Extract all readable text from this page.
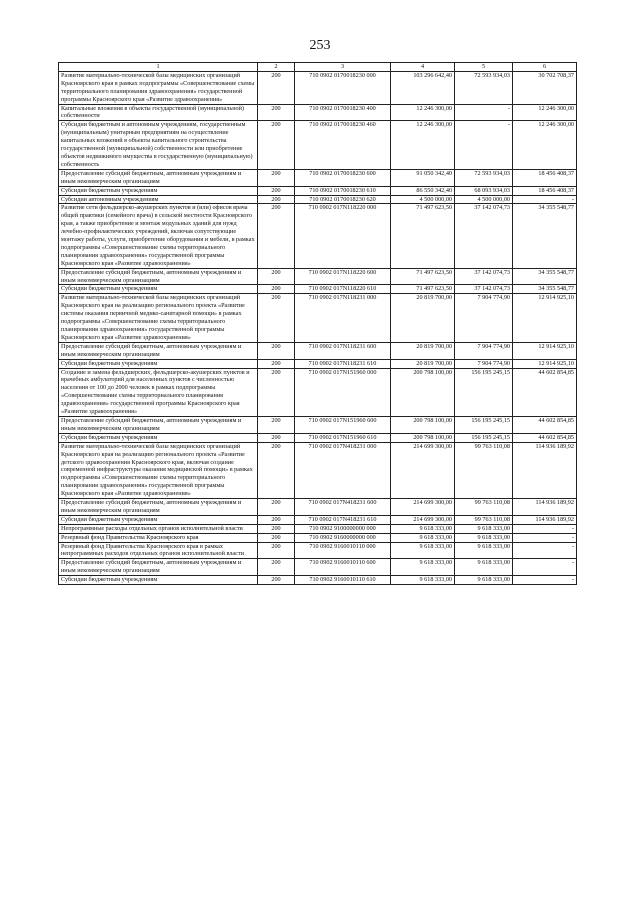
253
1	2	3	4	5	6
Развитие материально-технической базы медицинских организаций Красноярского края в рамках подпрограммы «Совершенствование схемы территориального планирования здравоохранения» государственной программы Красноярского края «Развитие здравоохранения»	200	710 0902 0170018230 000	103 296 642,40	72 593 934,03	30 702 708,37
Капитальные вложения в объекты государственной (муниципальной) собственности	200	710 0902 0170018230 400	12 246 300,00	-	12 246 300,00
Субсидии бюджетным и автономным учреждениям, государственным (муниципальным) унитарным предприятиям на осуществление капитальных вложений в объекты капитального строительства государственной (муниципальной) собственности или приобретение объектов недвижимого имущества в государственную (муниципальную) собственность	200	710 0902 0170018230 460	12 246 300,00	-	12 246 300,00
Предоставление субсидий бюджетным, автономным учреждениям и иным некоммерческим организациям	200	710 0902 0170018230 600	91 050 342,40	72 593 934,03	18 456 408,37
Субсидии бюджетным учреждениям	200	710 0902 0170018230 610	86 550 342,40	68 093 934,03	18 456 408,37
Субсидии автономным учреждениям	200	710 0902 0170018230 620	4 500 000,00	4 500 000,00	-
Развитие сети фельдшерско-акушерских пунктов и (или) офисов врача общей практики (семейного врача) в сельской местности Красноярского края, а также приобретение и монтаж модульных зданий для нужд лечебно-профилактических учреждений, включая сопутствующие монтажу работы, услуги, приобретение оборудования и мебели, в рамках подпрограммы «Совершенствование схемы территориального планирования здравоохранения» государственной программы Красноярского края «Развитие здравоохранения»	200	710 0902 017N118220 000	71 497 623,50	37 142 074,73	34 355 548,77
Предоставление субсидий бюджетным, автономным учреждениям и иным некоммерческим организациям	200	710 0902 017N118220 600	71 497 623,50	37 142 074,73	34 355 548,77
Субсидии бюджетным учреждениям	200	710 0902 017N118220 610	71 497 623,50	37 142 074,73	34 355 548,77
Развитие материально-технической базы медицинских организаций Красноярского края на реализацию регионального проекта «Развитие системы оказания первичной медико-санитарной помощи» в рамках подпрограммы «Совершенствование схемы территориального планирования здравоохранения» государственной программы Красноярского края «Развитие здравоохранения»	200	710 0902 017N118231 000	20 819 700,00	7 904 774,90	12 914 925,10
Предоставление субсидий бюджетным, автономным учреждениям и иным некоммерческим организациям	200	710 0902 017N118231 600	20 819 700,00	7 904 774,90	12 914 925,10
Субсидии бюджетным учреждениям	200	710 0902 017N118231 610	20 819 700,00	7 904 774,90	12 914 925,10
Создание и замена фельдшерских, фельдшерско-акушерских пунктов и врачебных амбулаторий для населенных пунктов с численностью населения от 100 до 2000 человек в рамках подпрограммы «Совершенствование схемы территориального планирования здравоохранения» государственной программы Красноярского края «Развитие здравоохранения»	200	710 0902 017N151960 000	200 798 100,00	156 195 245,15	44 602 854,85
Предоставление субсидий бюджетным, автономным учреждениям и иным некоммерческим организациям	200	710 0902 017N151960 600	200 798 100,00	156 195 245,15	44 602 854,85
Субсидии бюджетным учреждениям	200	710 0902 017N151960 610	200 798 100,00	156 195 245,15	44 602 854,85
Развитие материально-технической базы медицинских организаций Красноярского края на реализацию регионального проекта «Развитие детского здравоохранения Красноярского края, включая создание современной инфраструктуры оказания медицинской помощи» в рамках подпрограммы «Совершенствование схемы территориального планирования здравоохранения» государственной программы Красноярского края «Развитие здравоохранения»	200	710 0902 017N418231 000	214 699 300,00	99 763 110,08	114 936 189,92
Предоставление субсидий бюджетным, автономным учреждениям и иным некоммерческим организациям	200	710 0902 017N418231 600	214 699 300,00	99 763 110,08	114 936 189,92
Субсидии бюджетным учреждениям	200	710 0902 017N418231 610	214 699 300,00	99 763 110,08	114 936 189,92
Непрограммные расходы отдельных органов исполнительной власти	200	710 0902 9100000000 000	9 618 333,00	9 618 333,00	-
Резервный фонд Правительства Красноярского края	200	710 0902 9160000000 000	9 618 333,00	9 618 333,00	-
Резервный фонд Правительства Красноярского края в рамках непрограммных расходов отдельных органов исполнительной власти	200	710 0902 9160010110 000	9 618 333,00	9 618 333,00	-
Предоставление субсидий бюджетным, автономным учреждениям и иным некоммерческим организациям	200	710 0902 9160010110 600	9 618 333,00	9 618 333,00	-
Субсидии бюджетным учреждениям	200	710 0902 9160010110 610	9 618 333,00	9 618 333,00	-
